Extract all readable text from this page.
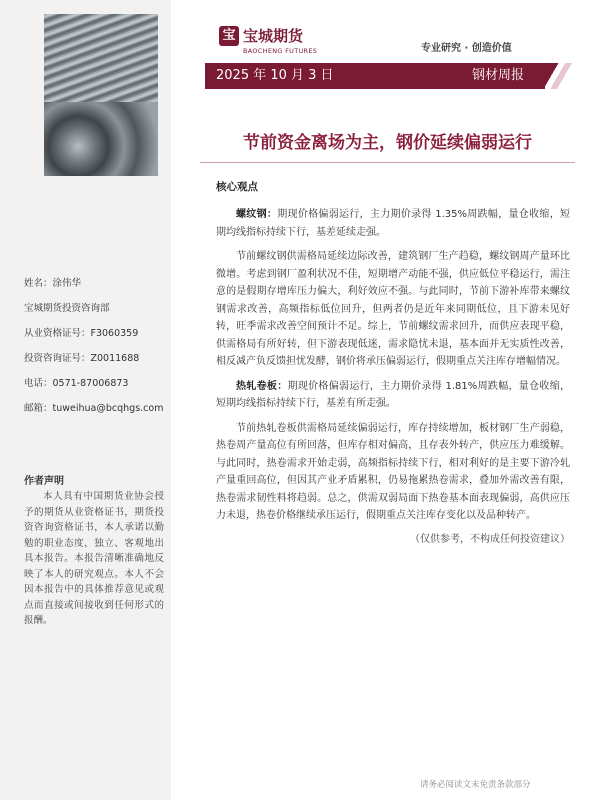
宝 宝城期货
BAOCHENG FUTURES	专业研究 · 创造价值
2025 年 10 月 3 日	钢材周报
节前资金离场为主，钢价延续偏弱运行
姓名：涂伟华
宝城期货投资咨询部
从业资格证号：F3060359
投资咨询证号：Z0011688
电话：0571-87006873
邮箱：tuweihua@bcqhgs.com
作者声明
本人具有中国期货业协会授予的期货从业资格证书，期货投资咨询资格证书，本人承诺以勤勉的职业态度，独立、客观地出具本报告。本报告清晰准确地反映了本人的研究观点。本人不会因本报告中的具体推荐意见或观点而直接或间接收到任何形式的报酬。
核心观点

螺纹钢：期现价格偏弱运行，主力期价录得 1.35%周跌幅，量仓收缩，短期均线指标持续下行，基差延续走强。

节前螺纹钢供需格局延续边际改善，建筑钢厂生产趋稳，螺纹钢周产量环比微增。考虑到钢厂盈利状况不佳，短期增产动能不强，供应低位平稳运行，需注意的是假期存增库压力偏大，利好效应不强。与此同时，节前下游补库带来螺纹钢需求改善，高频指标低位回升，但两者仍是近年来同期低位，且下游未见好转，旺季需求改善空间预计不足。综上，节前螺纹需求回升，而供应表现平稳，供需格局有所好转，但下游表现低迷，需求隐忧未退，基本面并无实质性改善，相反减产负反馈担忧发酵，钢价将承压偏弱运行，假期重点关注库存增幅情况。

热轧卷板：期现价格偏弱运行，主力期价录得 1.81%周跌幅，量仓收缩，短期均线指标持续下行，基差有所走强。

节前热轧卷板供需格局延续偏弱运行，库存持续增加，板材钢厂生产弱稳，热卷周产量高位有所回落，但库存相对偏高，且存表外转产，供应压力难缓解。与此同时，热卷需求开始走弱，高频指标持续下行，相对利好的是主要下游冷轧产量重回高位，但因其产业矛盾累积，仍易拖累热卷需求，叠加外需改善有限，热卷需求韧性料将趋弱。总之，供需双弱局面下热卷基本面表现偏弱，高供应压力未退，热卷价格继续承压运行，假期重点关注库存变化以及品种转产。

（仅供参考，不构成任何投资建议）
请务必阅读文末免责条款部分
